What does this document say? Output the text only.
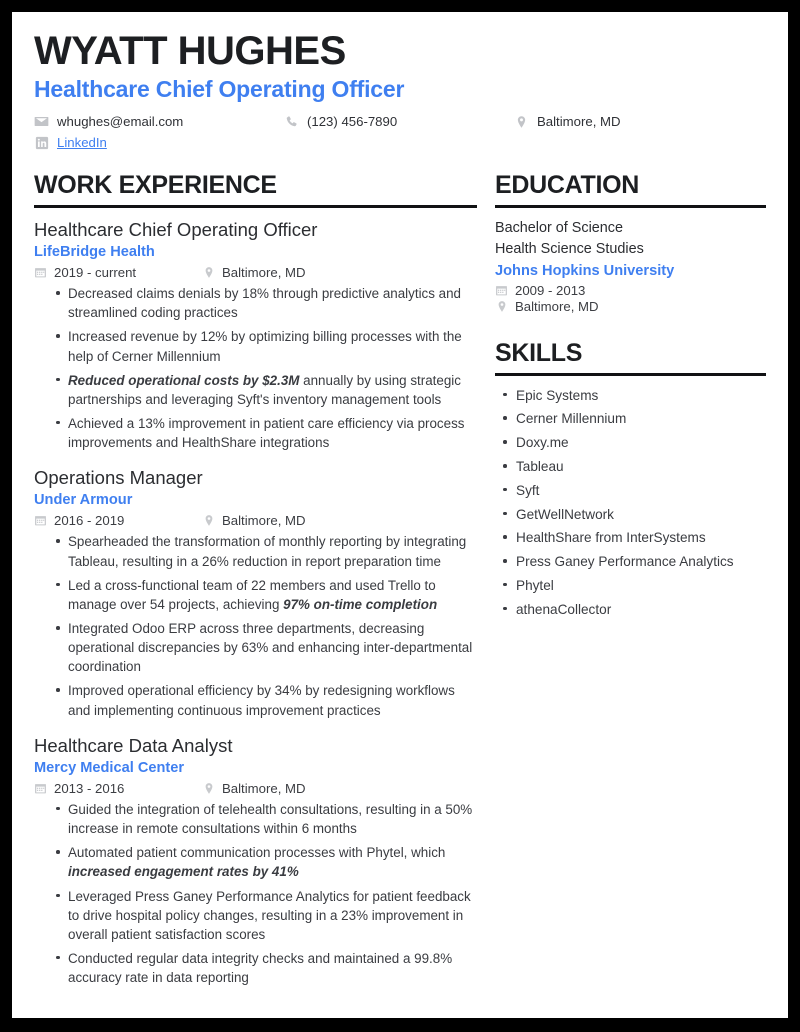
WYATT HUGHES
Healthcare Chief Operating Officer
whughes@email.com	(123) 456-7890	Baltimore, MD
LinkedIn
WORK EXPERIENCE
Healthcare Chief Operating Officer
LifeBridge Health
2019 - current	Baltimore, MD
Decreased claims denials by 18% through predictive analytics and streamlined coding practices
Increased revenue by 12% by optimizing billing processes with the help of Cerner Millennium
Reduced operational costs by $2.3M annually by using strategic partnerships and leveraging Syft's inventory management tools
Achieved a 13% improvement in patient care efficiency via process improvements and HealthShare integrations
Operations Manager
Under Armour
2016 - 2019	Baltimore, MD
Spearheaded the transformation of monthly reporting by integrating Tableau, resulting in a 26% reduction in report preparation time
Led a cross-functional team of 22 members and used Trello to manage over 54 projects, achieving 97% on-time completion
Integrated Odoo ERP across three departments, decreasing operational discrepancies by 63% and enhancing inter-departmental coordination
Improved operational efficiency by 34% by redesigning workflows and implementing continuous improvement practices
Healthcare Data Analyst
Mercy Medical Center
2013 - 2016	Baltimore, MD
Guided the integration of telehealth consultations, resulting in a 50% increase in remote consultations within 6 months
Automated patient communication processes with Phytel, which increased engagement rates by 41%
Leveraged Press Ganey Performance Analytics for patient feedback to drive hospital policy changes, resulting in a 23% improvement in overall patient satisfaction scores
Conducted regular data integrity checks and maintained a 99.8% accuracy rate in data reporting
EDUCATION
Bachelor of Science
Health Science Studies
Johns Hopkins University
2009 - 2013
Baltimore, MD
SKILLS
Epic Systems
Cerner Millennium
Doxy.me
Tableau
Syft
GetWellNetwork
HealthShare from InterSystems
Press Ganey Performance Analytics
Phytel
athenaCollector
